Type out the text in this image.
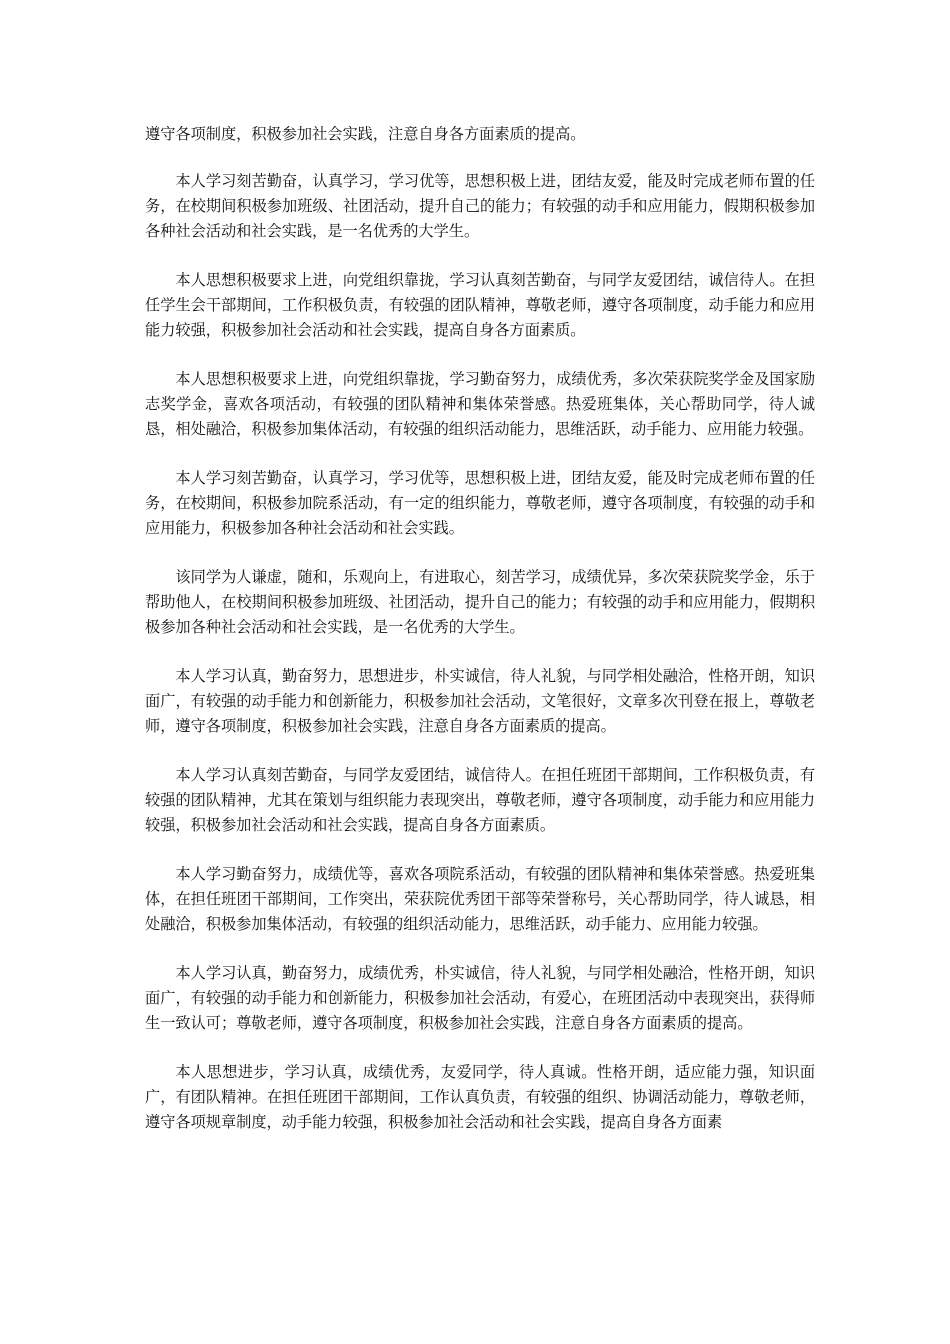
遵守各项制度，积极参加社会实践，注意自身各方面素质的提高。

本人学习刻苦勤奋，认真学习，学习优等，思想积极上进，团结友爱，能及时完成老师布置的任务，在校期间积极参加班级、社团活动，提升自己的能力；有较强的动手和应用能力，假期积极参加各种社会活动和社会实践，是一名优秀的大学生。

本人思想积极要求上进，向党组织靠拢，学习认真刻苦勤奋，与同学友爱团结，诚信待人。在担任学生会干部期间，工作积极负责，有较强的团队精神，尊敬老师，遵守各项制度，动手能力和应用能力较强，积极参加社会活动和社会实践，提高自身各方面素质。

本人思想积极要求上进，向党组织靠拢，学习勤奋努力，成绩优秀，多次荣获院奖学金及国家励志奖学金，喜欢各项活动，有较强的团队精神和集体荣誉感。热爱班集体，关心帮助同学，待人诚恳，相处融洽，积极参加集体活动，有较强的组织活动能力，思维活跃，动手能力、应用能力较强。

本人学习刻苦勤奋，认真学习，学习优等，思想积极上进，团结友爱，能及时完成老师布置的任务，在校期间，积极参加院系活动，有一定的组织能力，尊敬老师，遵守各项制度，有较强的动手和应用能力，积极参加各种社会活动和社会实践。

该同学为人谦虚，随和，乐观向上，有进取心，刻苦学习，成绩优异，多次荣获院奖学金，乐于帮助他人，在校期间积极参加班级、社团活动，提升自己的能力；有较强的动手和应用能力，假期积极参加各种社会活动和社会实践，是一名优秀的大学生。

本人学习认真，勤奋努力，思想进步，朴实诚信，待人礼貌，与同学相处融洽，性格开朗，知识面广，有较强的动手能力和创新能力，积极参加社会活动，文笔很好，文章多次刊登在报上，尊敬老师，遵守各项制度，积极参加社会实践，注意自身各方面素质的提高。

本人学习认真刻苦勤奋，与同学友爱团结，诚信待人。在担任班团干部期间，工作积极负责，有较强的团队精神，尤其在策划与组织能力表现突出，尊敬老师，遵守各项制度，动手能力和应用能力较强，积极参加社会活动和社会实践，提高自身各方面素质。

本人学习勤奋努力，成绩优等，喜欢各项院系活动，有较强的团队精神和集体荣誉感。热爱班集体，在担任班团干部期间，工作突出，荣获院优秀团干部等荣誉称号，关心帮助同学，待人诚恳，相处融洽，积极参加集体活动，有较强的组织活动能力，思维活跃，动手能力、应用能力较强。

本人学习认真，勤奋努力，成绩优秀，朴实诚信，待人礼貌，与同学相处融洽，性格开朗，知识面广，有较强的动手能力和创新能力，积极参加社会活动，有爱心，在班团活动中表现突出，获得师生一致认可；尊敬老师，遵守各项制度，积极参加社会实践，注意自身各方面素质的提高。

本人思想进步，学习认真，成绩优秀，友爱同学，待人真诚。性格开朗，适应能力强，知识面广，有团队精神。在担任班团干部期间，工作认真负责，有较强的组织、协调活动能力，尊敬老师，遵守各项规章制度，动手能力较强，积极参加社会活动和社会实践，提高自身各方面素
